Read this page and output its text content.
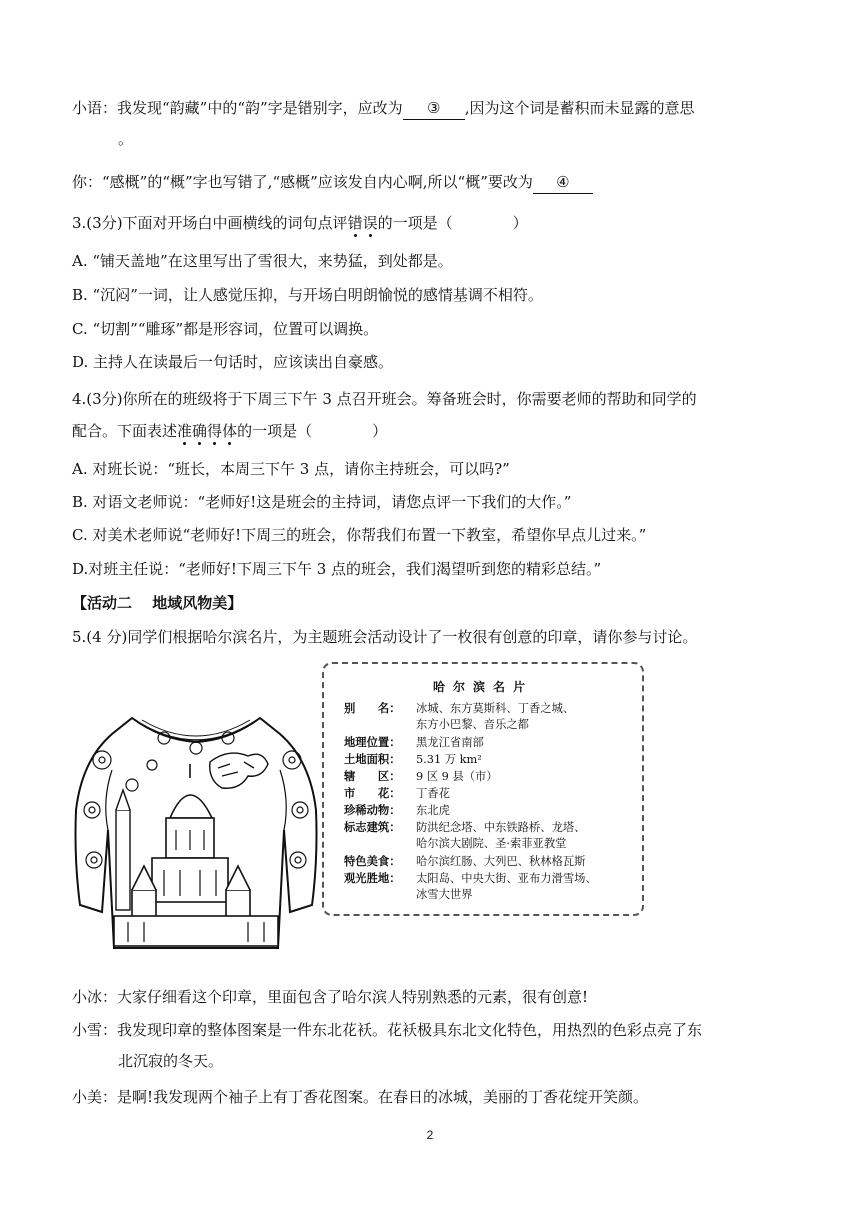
小语：我发现“韵藏”中的“韵”字是错别字，应改为 ③ ,因为这个词是蓄积而未显露的意思
。
你：“感概”的“概”字也写错了,“感概”应该发自内心啊,所以“概”要改为 ④
3.(3分)下面对开场白中画横线的词句点评错误的一项是（　　　　）
A. “铺天盖地”在这里写出了雪很大，来势猛，到处都是。
B. “沉闷”一词，让人感觉压抑，与开场白明朗愉悦的感情基调不相符。
C. “切割”“雕琢”都是形容词，位置可以调换。
D. 主持人在读最后一句话时，应该读出自豪感。
4.(3分)你所在的班级将于下周三下午 3 点召开班会。筹备班会时，你需要老师的帮助和同学的
配合。下面表述准确得体的一项是（　　　　）
A. 对班长说：“班长，本周三下午 3 点，请你主持班会，可以吗?”
B. 对语文老师说：“老师好!这是班会的主持词，请您点评一下我们的大作。”
C. 对美术老师说“老师好!下周三的班会，你帮我们布置一下教室，希望你早点儿过来。”
D.对班主任说：“老师好!下周三下午 3 点的班会，我们渴望听到您的精彩总结。”
【活动二　 地域风物美】
5.(4 分)同学们根据哈尔滨名片，为主题班会活动设计了一枚很有创意的印章，请你参与讨论。
哈尔滨名片
别　　名： 冰城、东方莫斯科、丁香之城、
东方小巴黎、音乐之都
地理位置： 黑龙江省南部
土地面积： 5.31 万 km²
辖　　区： 9 区 9 县（市）
市　　花： 丁香花
珍稀动物： 东北虎
标志建筑： 防洪纪念塔、中东铁路桥、龙塔、
哈尔滨大剧院、圣·索菲亚教堂
特色美食： 哈尔滨红肠、大列巴、秋林格瓦斯
观光胜地： 太阳岛、中央大街、亚布力滑雪场、
冰雪大世界
小冰：大家仔细看这个印章，里面包含了哈尔滨人特别熟悉的元素，很有创意!
小雪：我发现印章的整体图案是一件东北花袄。花袄极具东北文化特色，用热烈的色彩点亮了东
北沉寂的冬天。
小美：是啊!我发现两个袖子上有丁香花图案。在春日的冰城，美丽的丁香花绽开笑颜。
2
